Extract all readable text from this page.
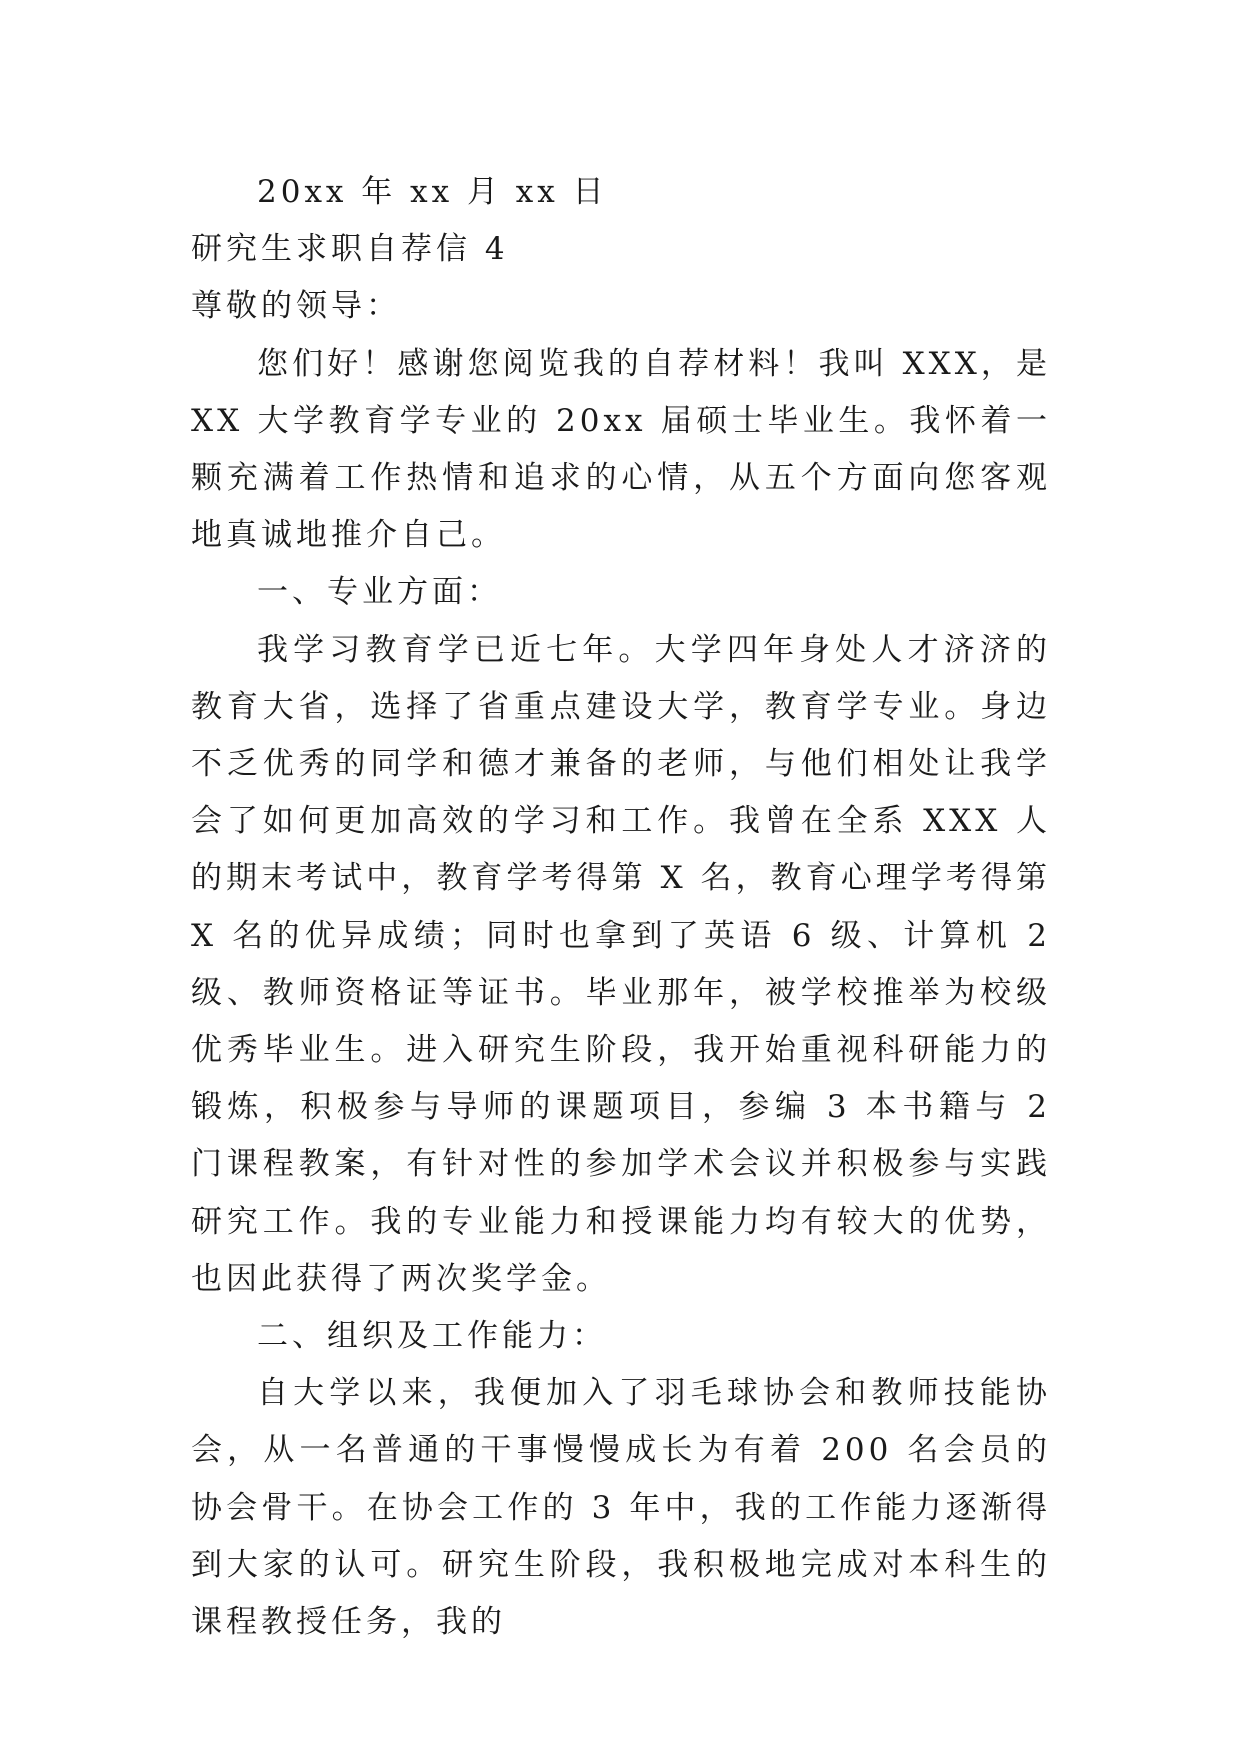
20xx 年 xx 月 xx 日

研究生求职自荐信 4

尊敬的领导：

您们好！感谢您阅览我的自荐材料！我叫 XXX，是 XX 大学教育学专业的 20xx 届硕士毕业生。我怀着一颗充满着工作热情和追求的心情，从五个方面向您客观地真诚地推介自己。

一、专业方面：

我学习教育学已近七年。大学四年身处人才济济的教育大省，选择了省重点建设大学，教育学专业。身边不乏优秀的同学和德才兼备的老师，与他们相处让我学会了如何更加高效的学习和工作。我曾在全系 XXX 人的期末考试中，教育学考得第 X 名，教育心理学考得第 X 名的优异成绩；同时也拿到了英语 6 级、计算机 2 级、教师资格证等证书。毕业那年，被学校推举为校级优秀毕业生。进入研究生阶段，我开始重视科研能力的锻炼，积极参与导师的课题项目，参编 3 本书籍与 2 门课程教案，有针对性的参加学术会议并积极参与实践研究工作。我的专业能力和授课能力均有较大的优势，也因此获得了两次奖学金。

二、组织及工作能力：

自大学以来，我便加入了羽毛球协会和教师技能协会，从一名普通的干事慢慢成长为有着 200 名会员的协会骨干。在协会工作的 3 年中，我的工作能力逐渐得到大家的认可。研究生阶段，我积极地完成对本科生的课程教授任务，我的
